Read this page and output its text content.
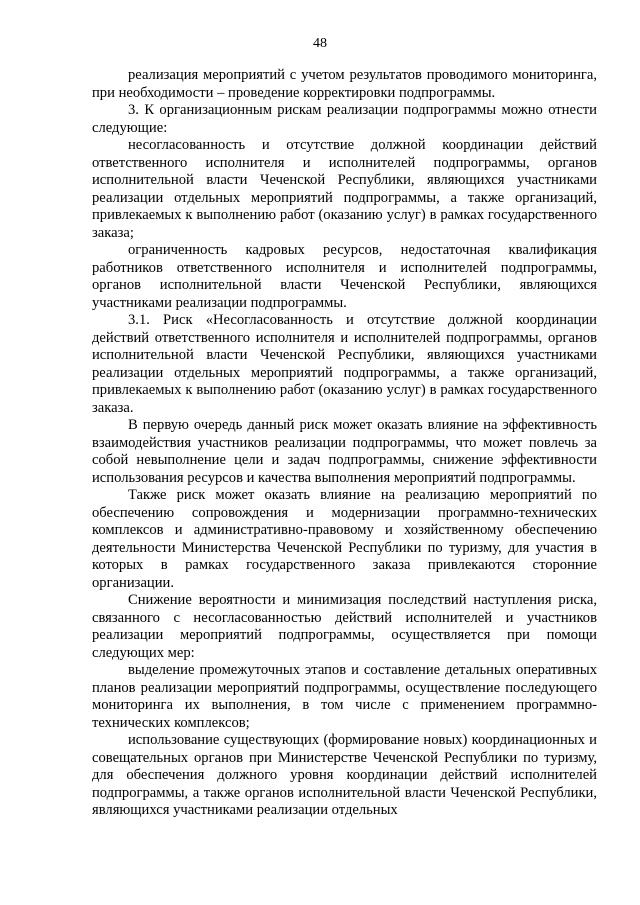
48

реализация мероприятий с учетом результатов проводимого мониторинга, при необходимости – проведение корректировки подпрограммы.

3. К организационным рискам реализации подпрограммы можно отнести следующие:

несогласованность и отсутствие должной координации действий ответственного исполнителя и исполнителей подпрограммы, органов исполнительной власти Чеченской Республики, являющихся участниками реализации отдельных мероприятий подпрограммы, а также организаций, привлекаемых к выполнению работ (оказанию услуг) в рамках государственного заказа;

ограниченность кадровых ресурсов, недостаточная квалификация работников ответственного исполнителя и исполнителей подпрограммы, органов исполнительной власти Чеченской Республики, являющихся участниками реализации подпрограммы.

3.1. Риск «Несогласованность и отсутствие должной координации действий ответственного исполнителя и исполнителей подпрограммы, органов исполнительной власти Чеченской Республики, являющихся участниками реализации отдельных мероприятий подпрограммы, а также организаций, привлекаемых к выполнению работ (оказанию услуг) в рамках государственного заказа.

В первую очередь данный риск может оказать влияние на эффективность взаимодействия участников реализации подпрограммы, что может повлечь за собой невыполнение цели и задач подпрограммы, снижение эффективности использования ресурсов и качества выполнения мероприятий подпрограммы.

Также риск может оказать влияние на реализацию мероприятий по обеспечению сопровождения и модернизации программно-технических комплексов и административно-правовому и хозяйственному обеспечению деятельности Министерства Чеченской Республики по туризму, для участия в которых в рамках государственного заказа привлекаются сторонние организации.

Снижение вероятности и минимизация последствий наступления риска, связанного с несогласованностью действий исполнителей и участников реализации мероприятий подпрограммы, осуществляется при помощи следующих мер:

выделение промежуточных этапов и составление детальных оперативных планов реализации мероприятий подпрограммы, осуществление последующего мониторинга их выполнения, в том числе с применением программно-технических комплексов;

использование существующих (формирование новых) координационных и совещательных органов при Министерстве Чеченской Республики по туризму, для обеспечения должного уровня координации действий исполнителей подпрограммы, а также органов исполнительной власти Чеченской Республики, являющихся участниками реализации отдельных
